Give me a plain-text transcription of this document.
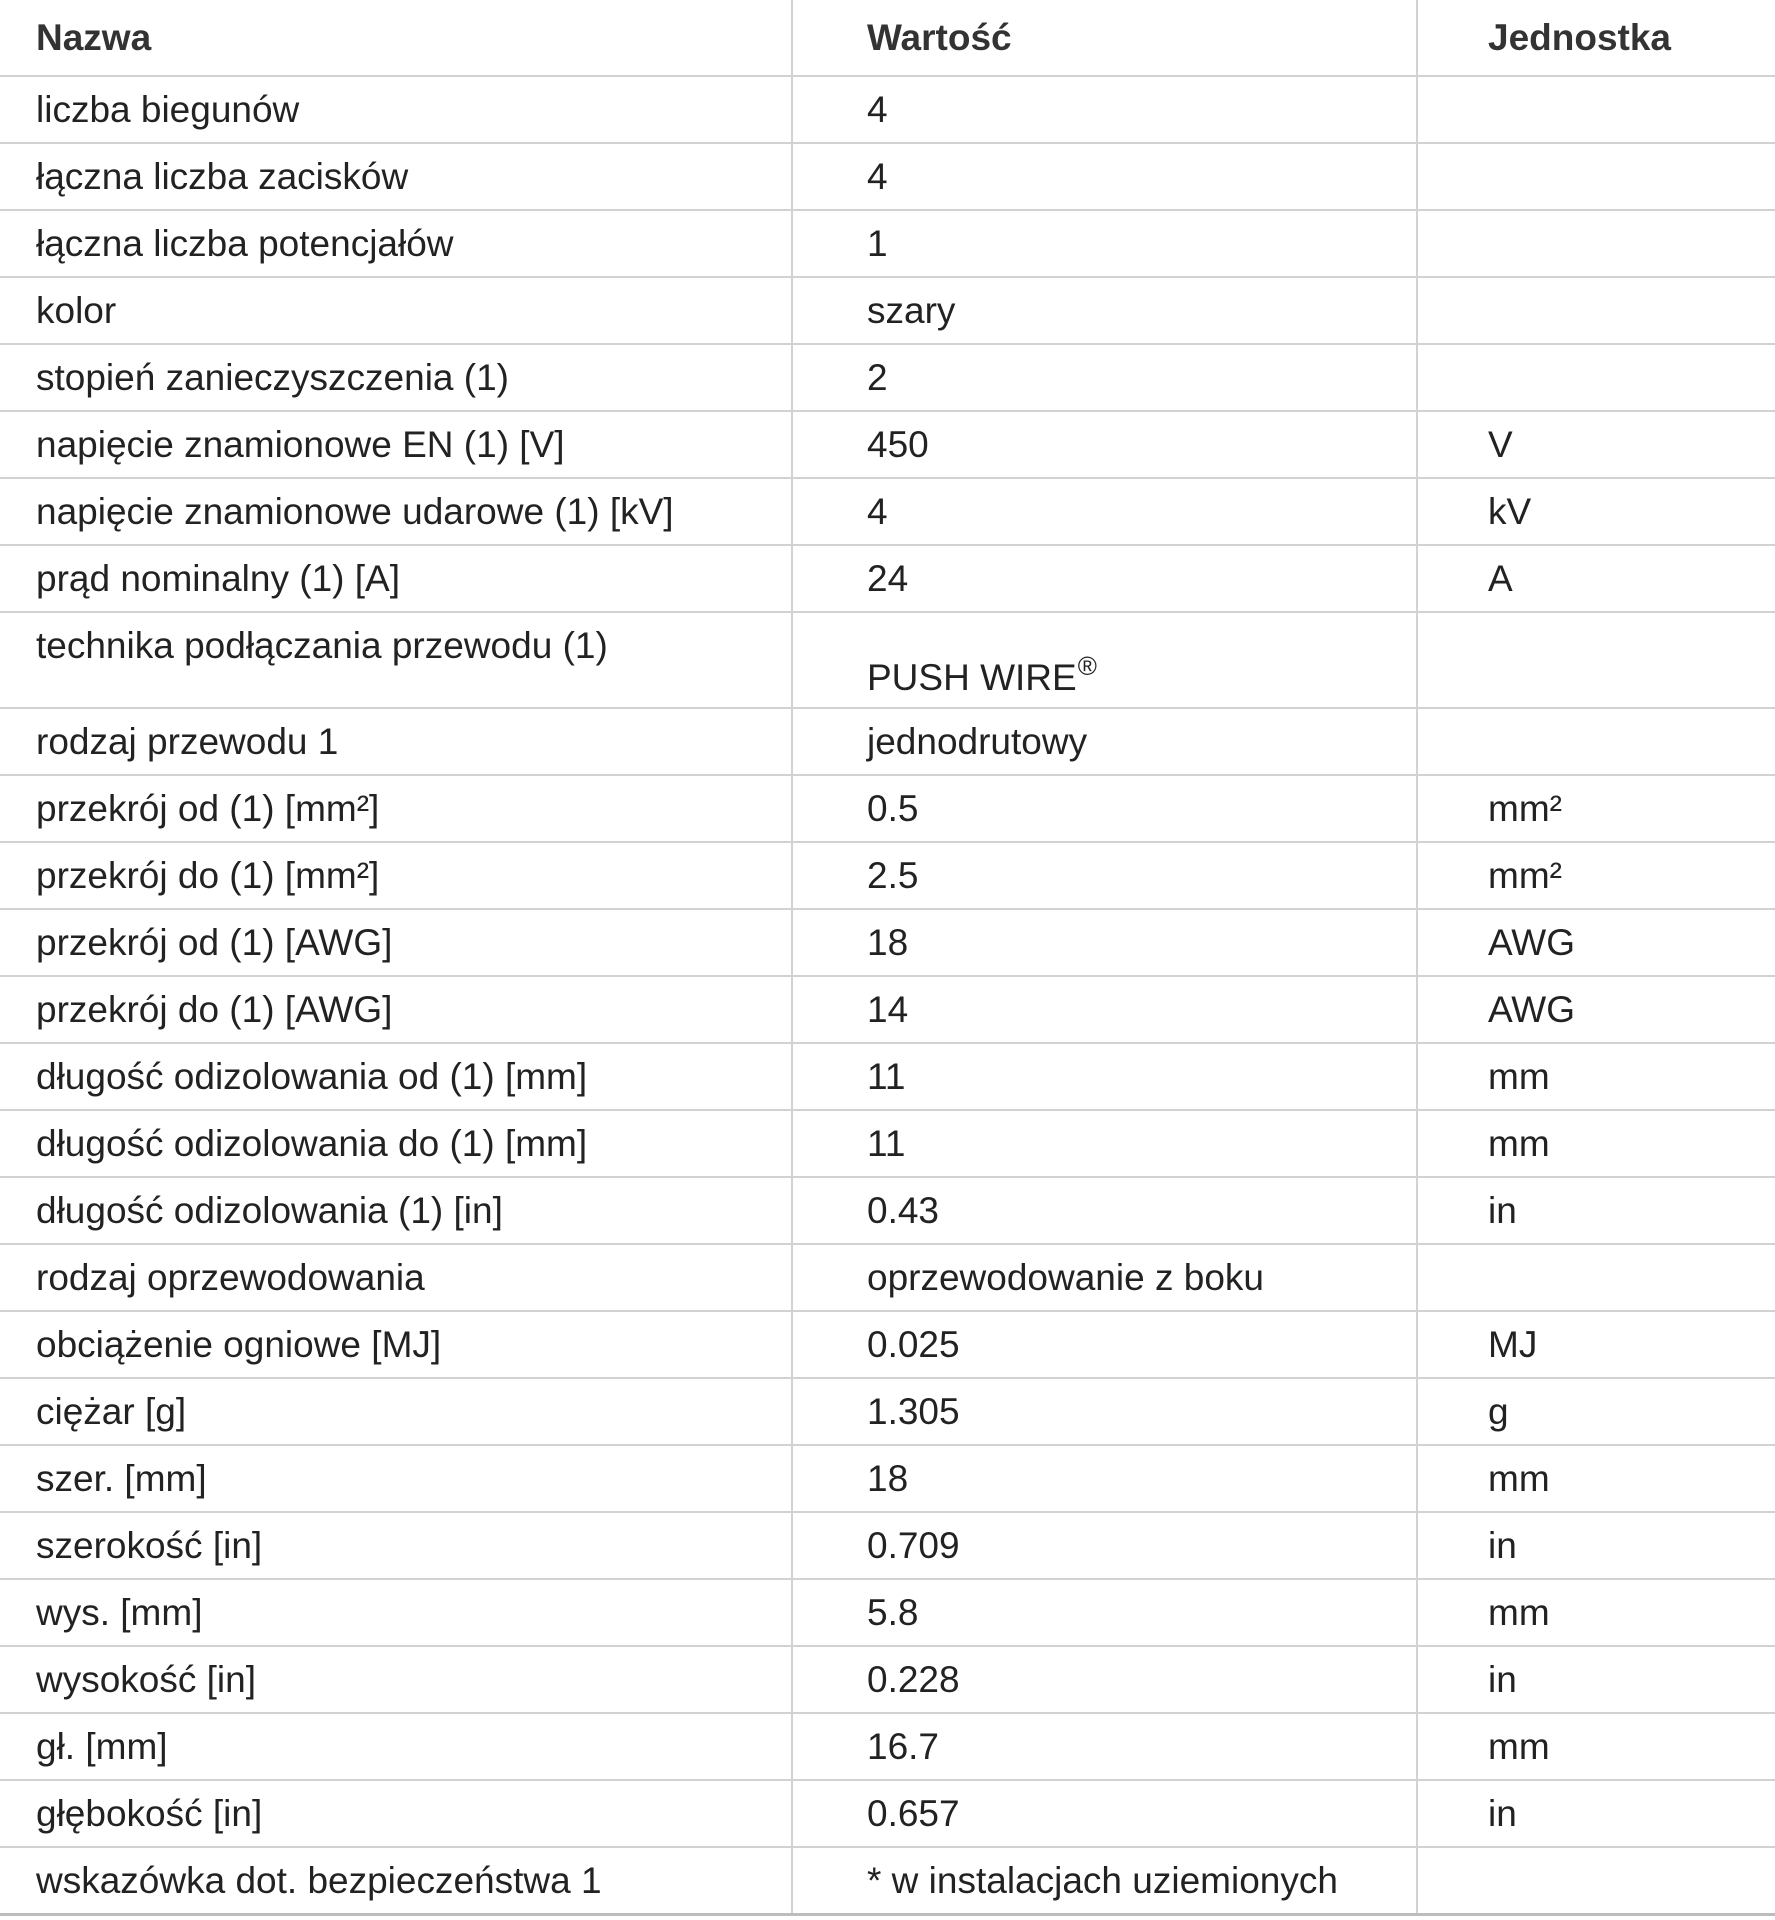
Nazwa	Wartość	Jednostka
liczba biegunów	4	
łączna liczba zacisków	4	
łączna liczba potencjałów	1	
kolor	szary	
stopień zanieczyszczenia (1)	2	
napięcie znamionowe EN (1) [V]	450	V
napięcie znamionowe udarowe (1) [kV]	4	kV
prąd nominalny (1) [A]	24	A
technika podłączania przewodu (1)	PUSH WIRE®	
rodzaj przewodu 1	jednodrutowy	
przekrój od (1) [mm²]	0.5	mm²
przekrój do (1) [mm²]	2.5	mm²
przekrój od (1) [AWG]	18	AWG
przekrój do (1) [AWG]	14	AWG
długość odizolowania od (1) [mm]	11	mm
długość odizolowania do (1) [mm]	11	mm
długość odizolowania (1) [in]	0.43	in
rodzaj oprzewodowania	oprzewodowanie z boku	
obciążenie ogniowe [MJ]	0.025	MJ
ciężar [g]	1.305	g
szer. [mm]	18	mm
szerokość [in]	0.709	in
wys. [mm]	5.8	mm
wysokość [in]	0.228	in
gł. [mm]	16.7	mm
głębokość [in]	0.657	in
wskazówka dot. bezpieczeństwa 1	* w instalacjach uziemionych	
